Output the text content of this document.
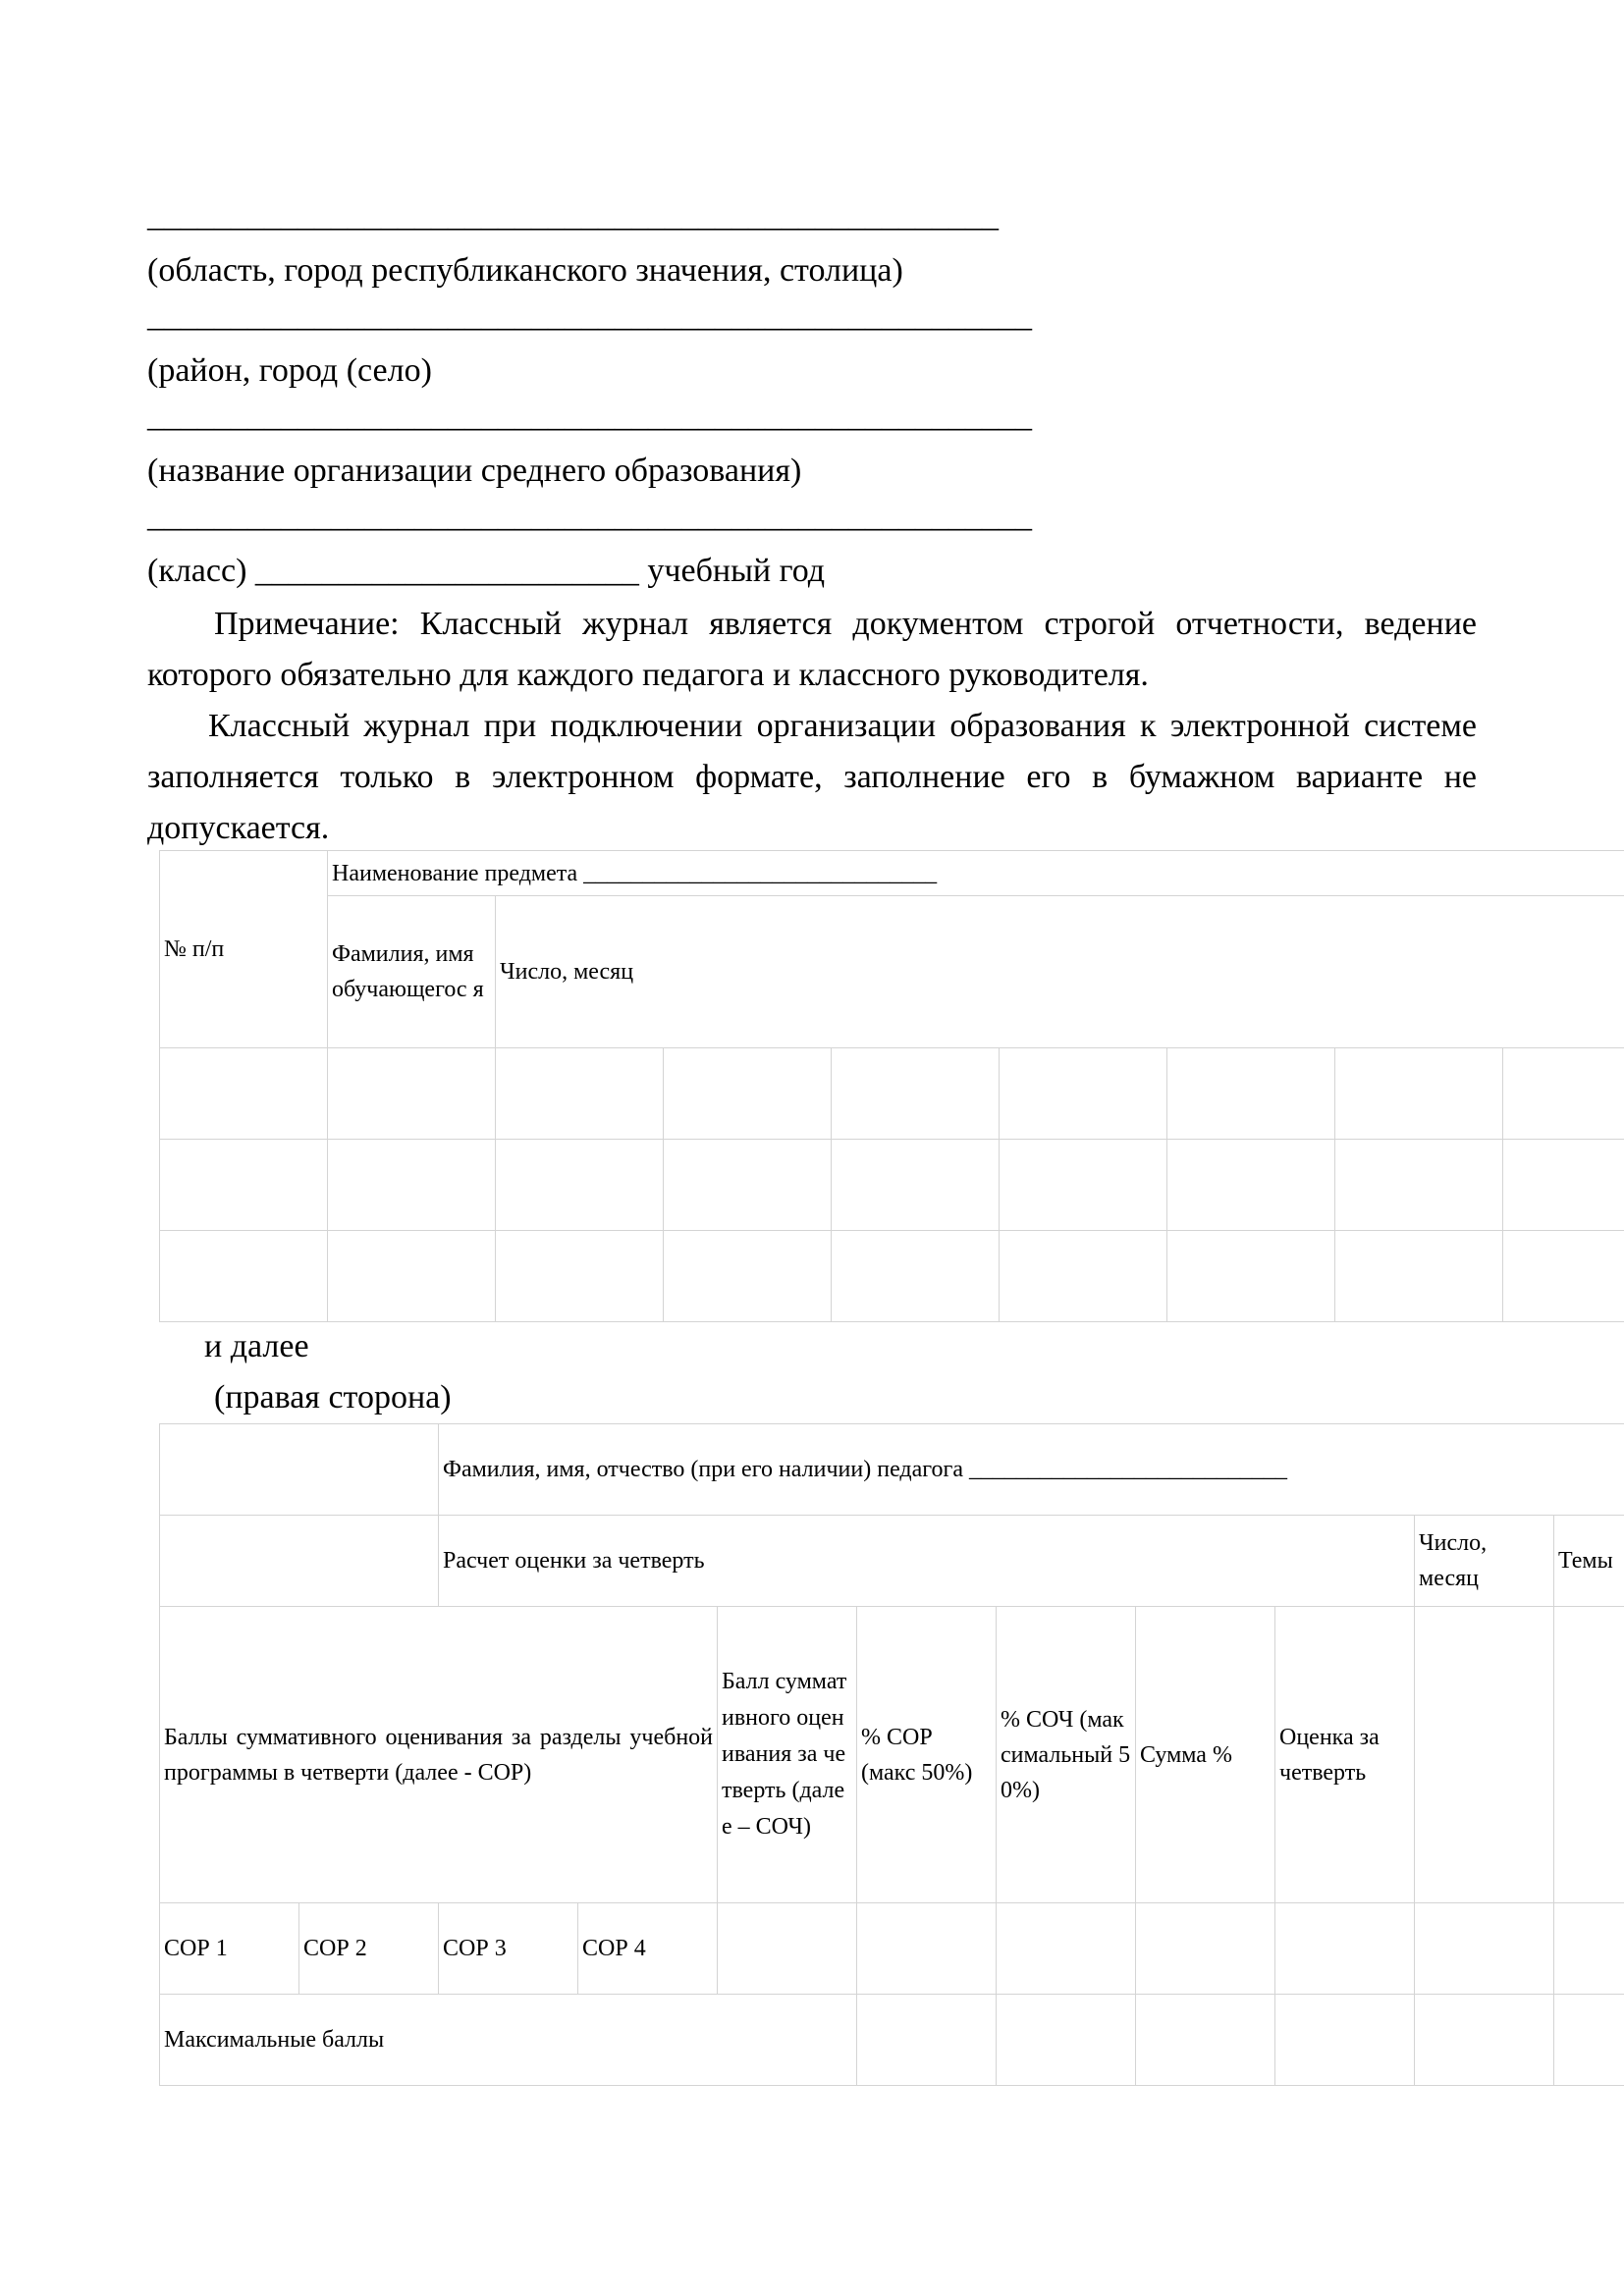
___________________________________________________
(область, город республиканского значения, столица)
_____________________________________________________
(район, город (село)
_____________________________________________________
(название организации среднего образования)
_____________________________________________________
(класс) _______________________ учебный год

Примечание: Классный журнал является документом строгой отчетности, ведение которого обязательно для каждого педагога и классного руководителя.

Классный журнал при подключении организации образования к электронной системе заполняется только в электронном формате, заполнение его в бумажном варианте не допускается.

№ п/п	Наименование предмета ______________________________							
	Фамилия, имя обучающегос я	Число, месяц						

и далее
(правая сторона)
		Фамилия, имя, отчество (при его наличии) педагога ___________________________								
		Расчет оценки за четверть							Число, месяц	Темы
Баллы суммативного оценивания за разделы учебной программы в четверти (далее - СОР)				Балл суммативного оценивания за четверть (далее – СОЧ)	% СОР (макс 50%)	% СОЧ (максимальный 50%)	Сумма %	Оценка за четверть		
СОР 1	СОР 2	СОР 3	СОР 4							
Максимальные баллы										
